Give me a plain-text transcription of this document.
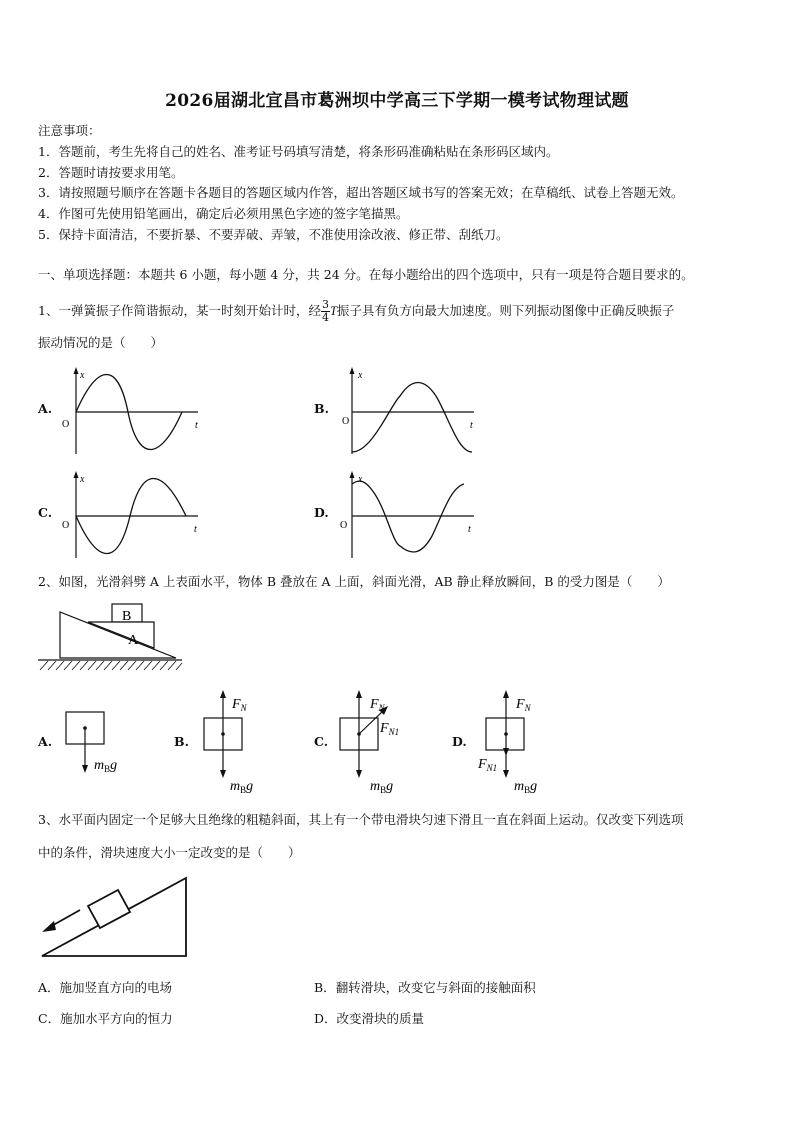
2026届湖北宜昌市葛洲坝中学高三下学期一模考试物理试题
注意事项：
1．答题前，考生先将自己的姓名、准考证号码填写清楚，将条形码准确粘贴在条形码区域内。
2．答题时请按要求用笔。
3．请按照题号顺序在答题卡各题目的答题区域内作答，超出答题区域书写的答案无效；在草稿纸、试卷上答题无效。
4．作图可先使用铅笔画出，确定后必须用黑色字迹的签字笔描黑。
5．保持卡面清洁，不要折暴、不要弄破、弄皱，不准使用涂改液、修正带、刮纸刀。
一、单项选择题：本题共 6 小题，每小题 4 分，共 24 分。在每小题给出的四个选项中，只有一项是符合题目要求的。
1、一弹簧振子作简谐振动，某一时刻开始计时，经 $\frac{3}{4}$ T振子具有负方向最大加速度。则下列振动图像中正确反映振子
振动情况的是（　　）
A.	B.
C.	D.
x
t
O
x
t
O
x
t
O
x
t
O
2、如图，光滑斜劈 A 上表面水平，物体 B 叠放在 A 上面，斜面光滑，AB 静止释放瞬间，B 的受力图是（　　）
B
A
A.	B.	C.	D.
$m_Bg$
$F_N$
$m_Bg$
$F_N$
$F_{N1}$
$m_Bg$
$F_N$
$F_{N1}$
$m_Bg$
3、水平面内固定一个足够大且绝缘的粗糙斜面，其上有一个带电滑块匀速下滑且一直在斜面上运动。仅改变下列选项
中的条件，滑块速度大小一定改变的是（　　）
A．施加竖直方向的电场	B．翻转滑块，改变它与斜面的接触面积
C．施加水平方向的恒力	D．改变滑块的质量
